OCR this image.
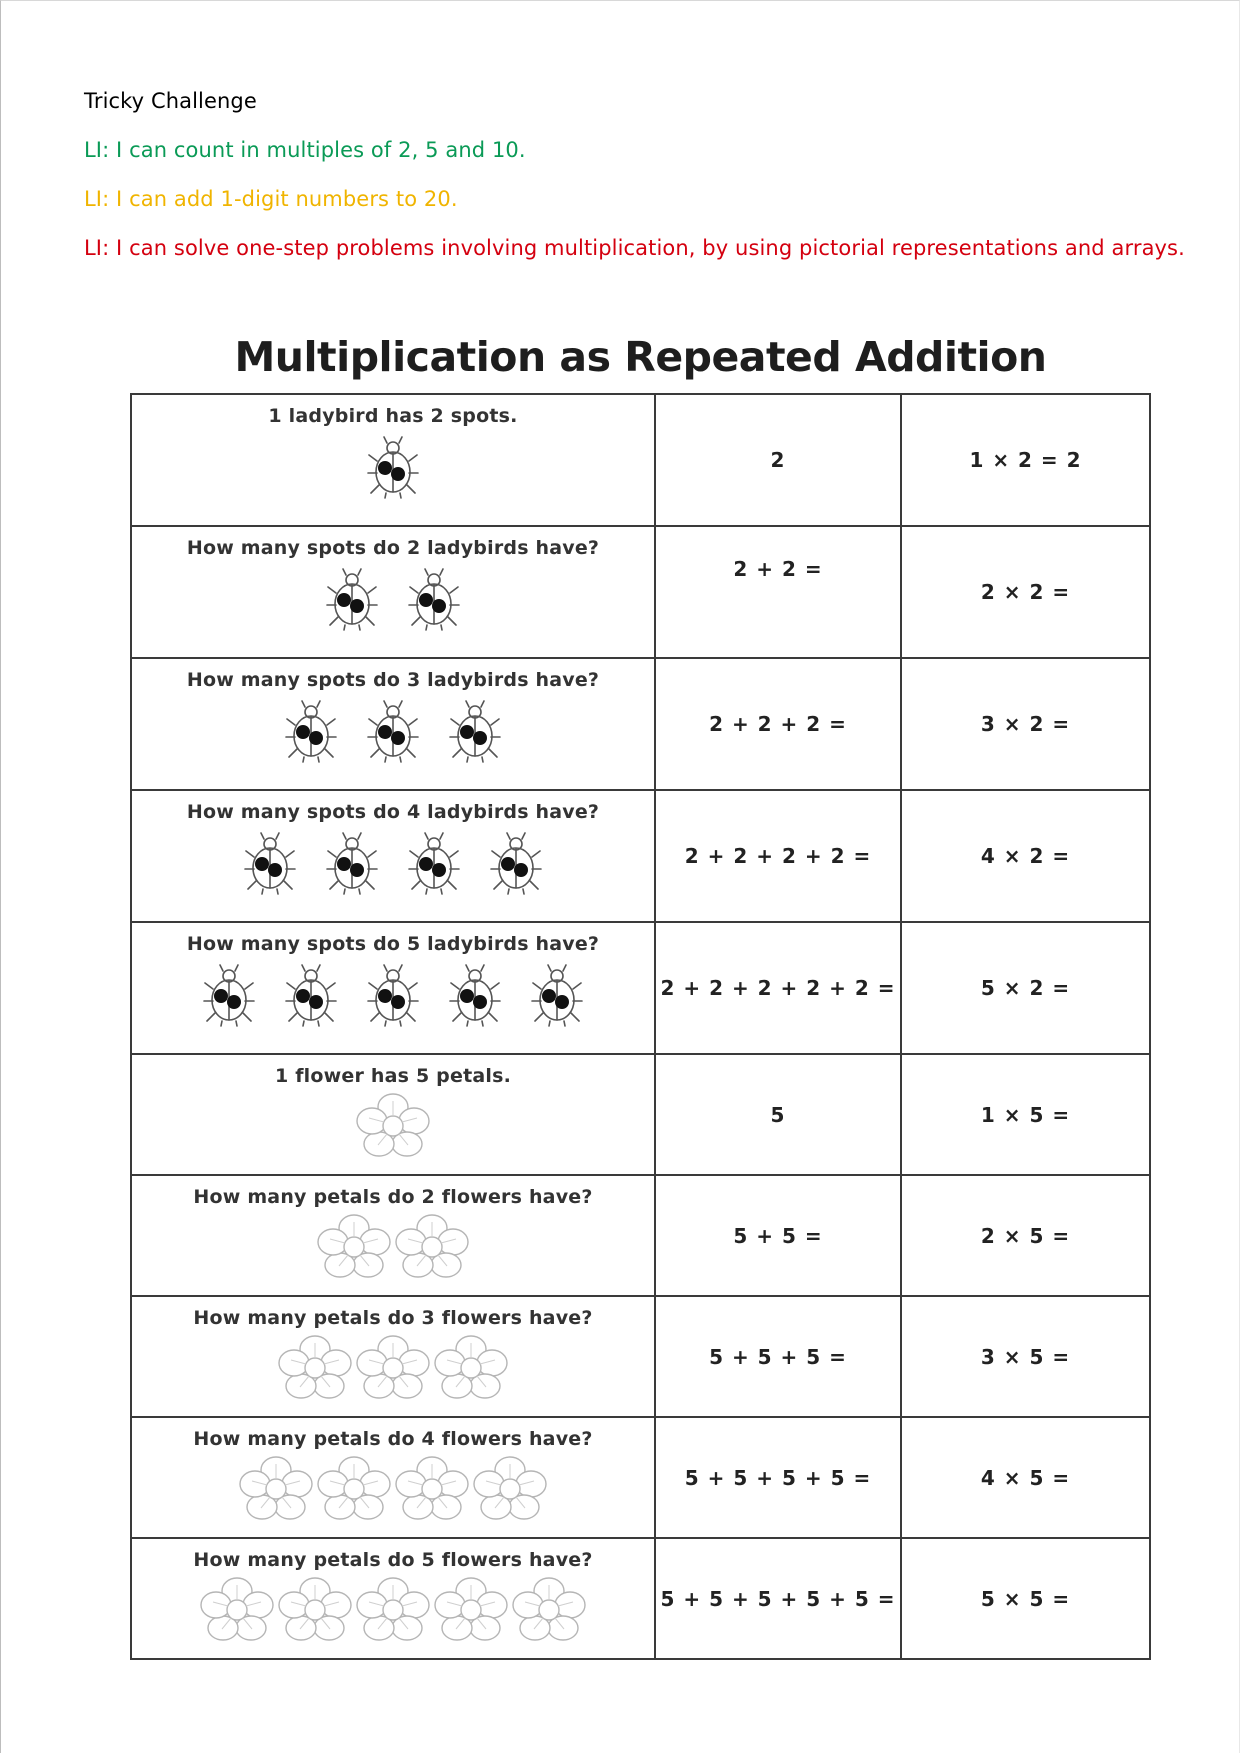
Tricky Challenge

LI: I can count in multiples of 2, 5 and 10.

LI: I can add 1-digit numbers to 20.

LI: I can solve one-step problems involving multiplication, by using pictorial representations and arrays.

Multiplication as Repeated Addition
1 ladybird has 2 spots.	2	1 × 2 = 2

How many spots do 2 ladybirds have?	2 + 2 =	2 × 2 =

How many spots do 3 ladybirds have?	2 + 2 + 2 =	3 × 2 =

How many spots do 4 ladybirds have?	2 + 2 + 2 + 2 =	4 × 2 =

How many spots do 5 ladybirds have?	2 + 2 + 2 + 2 + 2 =	5 × 2 =

1 flower has 5 petals.	5	1 × 5 =

How many petals do 2 flowers have?	5 + 5 =	2 × 5 =

How many petals do 3 flowers have?	5 + 5 + 5 =	3 × 5 =

How many petals do 4 flowers have?	5 + 5 + 5 + 5 =	4 × 5 =

How many petals do 5 flowers have?	5 + 5 + 5 + 5 + 5 =	5 × 5 =
